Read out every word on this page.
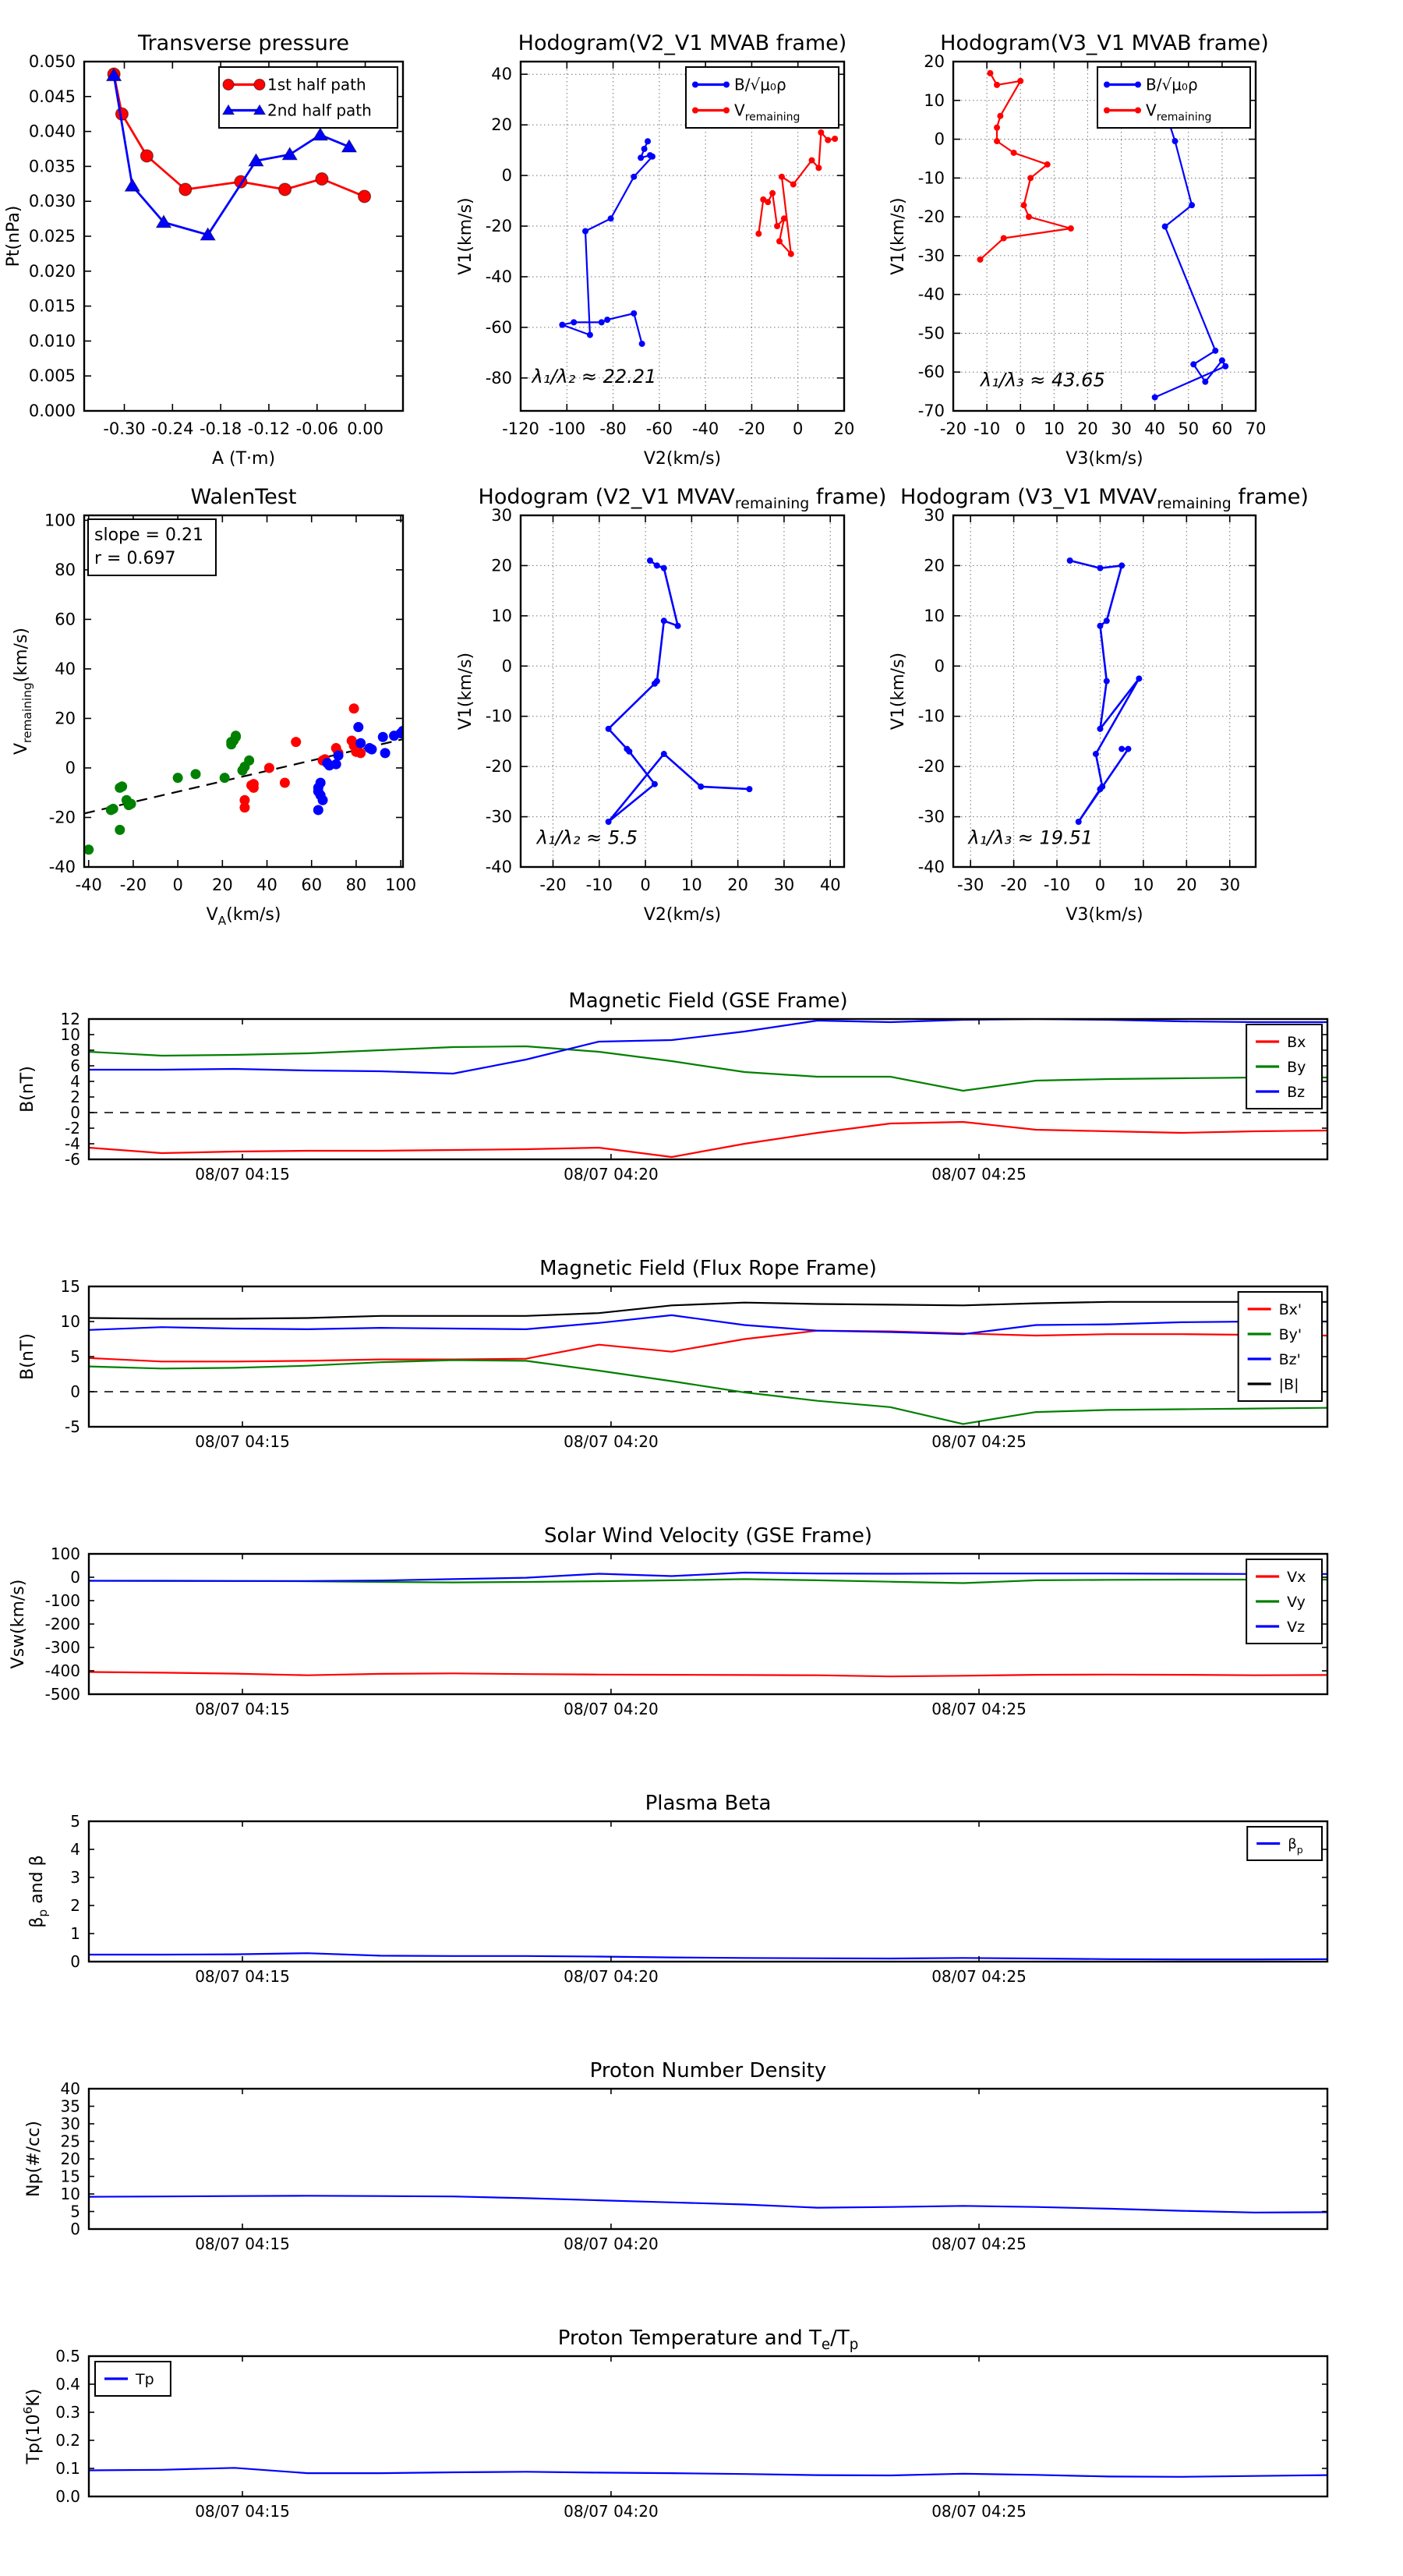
-0.30 -0.24 -0.18 -0.12 -0.06 0.00
0.000
0.005
0.010
0.015
0.020
0.025
0.030
0.035
0.040
0.045
0.050
Transverse pressure
A (T·m)
Pt(nPa)
1st half path
2nd half path
-120 -100 -80 -60 -40 -20 0 20
-80
-60
-40
-20
0
20
40
Hodogram(V2_V1 MVAB frame)
V2(km/s)
V1(km/s)
B/√μ₀ρ
$V_{remaining}$
λ₁/λ₂ ≈ 22.21
-20 -10 0 10 20 30 40 50 60 70
-70
-60
-50
-40
-30
-20
-10
0
10
20
Hodogram(V3_V1 MVAB frame)
V3(km/s)
V1(km/s)
B/√μ₀ρ
$V_{remaining}$
λ₁/λ₃ ≈ 43.65
-40 -20 0 20 40 60 80 100
-40
-20
0
20
40
60
80
100
WalenTest
$V_A(km/s)$
$V_{remaining}(km/s)$
slope = 0.21
r = 0.697
-20 -10 0 10 20 30 40
-40
-30
-20
-10
0
10
20
30
Hodogram (V2_V1 $MVAV_{remaining}$ frame)
V2(km/s)
V1(km/s)
λ₁/λ₂ ≈ 5.5
-30 -20 -10 0 10 20 30
-40
-30
-20
-10
0
10
20
30
Hodogram (V3_V1 $MVAV_{remaining}$ frame)
V3(km/s)
V1(km/s)
λ₁/λ₃ ≈ 19.51
08/07 04:15	08/07 04:20	08/07 04:25
-6
-4
-2
0
2
4
6
8
10
12
Magnetic Field (GSE Frame)
B(nT)
Bx
By
Bz
08/07 04:15	08/07 04:20	08/07 04:25
-5
0
5
10
15
Magnetic Field (Flux Rope Frame)
B(nT)
Bx'
By'
Bz'
|B|
08/07 04:15	08/07 04:20	08/07 04:25
-500
-400
-300
-200
-100
0
100
Solar Wind Velocity (GSE Frame)
Vsw(km/s)
Vx
Vy
Vz
08/07 04:15	08/07 04:20	08/07 04:25
0
1
2
3
4
5
Plasma Beta
$\beta_p$ and β
$\beta_p$
08/07 04:15	08/07 04:20	08/07 04:25
0
5
10
15
20
25
30
35
40
Proton Number Density
Np(#/cc)
08/07 04:15	08/07 04:20	08/07 04:25
0.0
0.1
0.2
0.3
0.4
0.5
Proton Temperature and $T_e/T_p$
$Tp(10^6K)$
Tp
